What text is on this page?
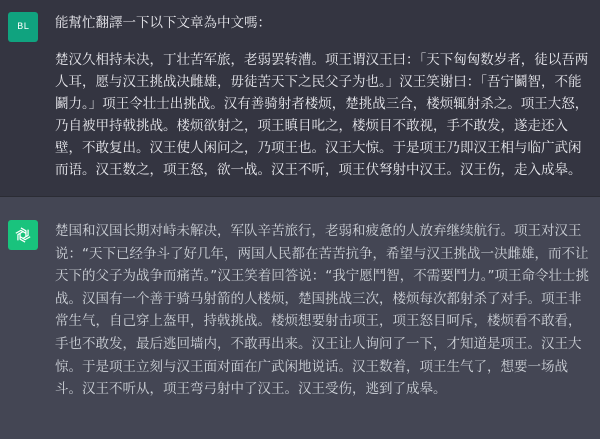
BL 能幫忙翻譯一下以下文章為中文嗎：

楚汉久相持未决，丁壮苦军旅，老弱罢转漕。项王谓汉王曰：「天下匈匈数岁者，徒以吾两人耳，愿与汉王挑战决雌雄，毋徒苦天下之民父子为也。」汉王笑谢曰：「吾宁鬬智，不能鬬力。」项王令壮士出挑战。汉有善骑射者楼烦，楚挑战三合，楼烦辄射杀之。项王大怒，乃自被甲持戟挑战。楼烦欲射之，项王瞋目叱之，楼烦目不敢视，手不敢发，遂走还入壁，不敢复出。汉王使人闲问之，乃项王也。汉王大惊。于是项王乃即汉王相与临广武闲而语。汉王数之，项王怒，欲一战。汉王不听，项王伏弩射中汉王。汉王伤，走入成皋。

楚国和汉国长期对峙未解决，军队辛苦旅行，老弱和疲惫的人放弃继续航行。项王对汉王说：“天下已经争斗了好几年，两国人民都在苦苦抗争，希望与汉王挑战一决雌雄，而不让天下的父子为战争而痛苦。”汉王笑着回答说：“我宁愿鬥智，不需要鬥力。”项王命令壮士挑战。汉国有一个善于骑马射箭的人楼烦，楚国挑战三次，楼烦每次都射杀了对手。项王非常生气，自己穿上盔甲，持戟挑战。楼烦想要射击项王，项王怒目呵斥，楼烦看不敢看，手也不敢发，最后逃回墙内，不敢再出来。汉王让人询问了一下，才知道是项王。汉王大惊。于是项王立刻与汉王面对面在广武闲地说话。汉王数着，项王生气了，想要一场战斗。汉王不听从，项王弯弓射中了汉王。汉王受伤，逃到了成皋。
